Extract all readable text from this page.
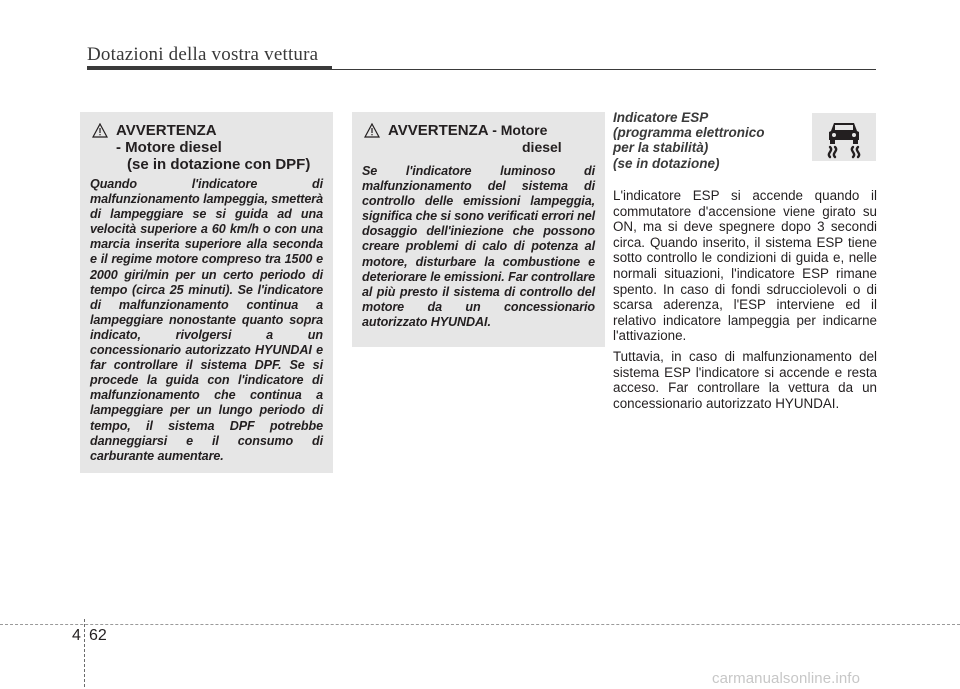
Dotazioni della vostra vettura
AVVERTENZA
- Motore diesel
(se in dotazione con DPF)
Quando l'indicatore di malfunzionamento lampeggia, smetterà di lampeggiare se si guida ad una velocità superiore a 60 km/h o con una marcia inserita superiore alla seconda e il regime motore compreso tra 1500 e 2000 giri/min per un certo periodo di tempo (circa 25 minuti). Se l'indicatore di malfunzionamento continua a lampeggiare nonostante quanto sopra indicato, rivolgersi a un concessionario autorizzato HYUNDAI e far controllare il sistema DPF. Se si procede la guida con l'indicatore di malfunzionamento che continua a lampeggiare per un lungo periodo di tempo, il sistema DPF potrebbe danneggiarsi e il consumo di carburante aumentare.
AVVERTENZA - Motore
diesel
Se l'indicatore luminoso di malfunzionamento del sistema di controllo delle emissioni lampeggia, significa che si sono verificati errori nel dosaggio dell'iniezione che possono creare problemi di calo di potenza al motore, disturbare la combustione e deteriorare le emissioni. Far controllare al più presto il sistema di controllo del motore da un concessionario autorizzato HYUNDAI.
Indicatore ESP
(programma elettronico
per la stabilità)
(se in dotazione)

L'indicatore ESP si accende quando il commutatore d'accensione viene girato su ON, ma si deve spegnere dopo 3 secondi circa. Quando inserito, il sistema ESP tiene sotto controllo le condizioni di guida e, nelle normali situazioni, l'indicatore ESP rimane spento. In caso di fondi sdrucciolevoli o di scarsa aderenza, l'ESP interviene ed il relativo indicatore lampeggia per indicarne l'attivazione.

Tuttavia, in caso di malfunzionamento del sistema ESP l'indicatore si accende e resta acceso. Far controllare la vettura da un concessionario autorizzato HYUNDAI.

4 62
carmanualsonline.info
